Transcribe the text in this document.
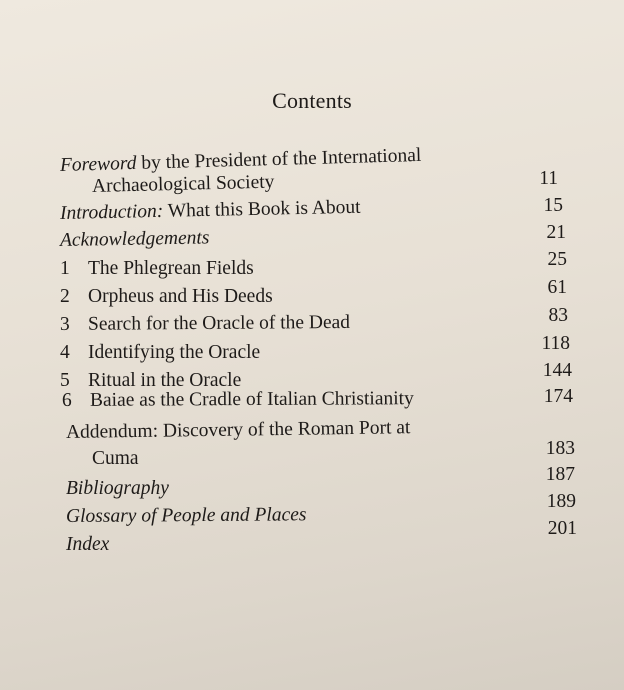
Contents
Foreword by the President of the International
Archaeological Society
Introduction: What this Book is About
Acknowledgements
1 The Phlegrean Fields
2 Orpheus and His Deeds
3 Search for the Oracle of the Dead
4 Identifying the Oracle
5 Ritual in the Oracle
6 Baiae as the Cradle of Italian Christianity
Addendum: Discovery of the Roman Port at
Cuma
Bibliography
Glossary of People and Places
Index
11
15
21
25
61
83
118
144
174
183
187
189
201
